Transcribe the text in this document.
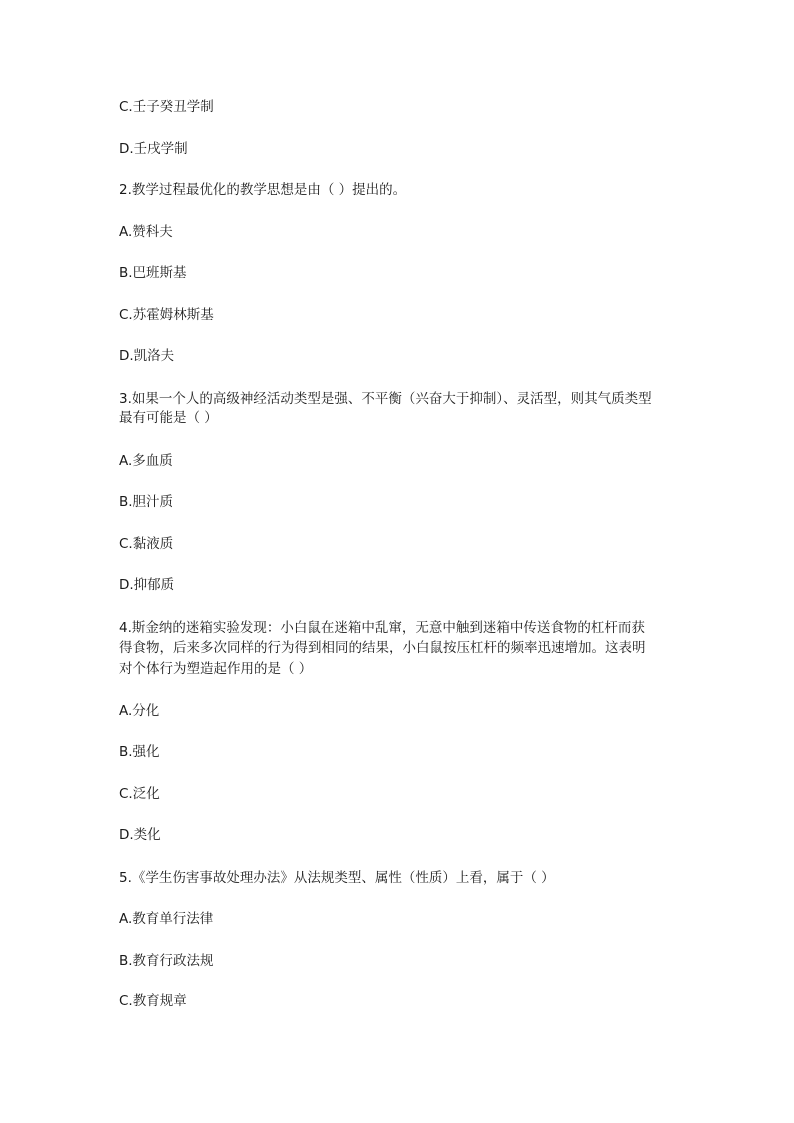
C.壬子癸丑学制
D.壬戌学制
2.教学过程最优化的教学思想是由（ ）提出的。
A.赞科夫
B.巴班斯基
C.苏霍姆林斯基
D.凯洛夫
3.如果一个人的高级神经活动类型是强、不平衡（兴奋大于抑制）、灵活型，则其气质类型
最有可能是（ ）
A.多血质
B.胆汁质
C.黏液质
D.抑郁质
4.斯金纳的迷箱实验发现：小白鼠在迷箱中乱窜，无意中触到迷箱中传送食物的杠杆而获
得食物，后来多次同样的行为得到相同的结果，小白鼠按压杠杆的频率迅速增加。这表明
对个体行为塑造起作用的是（ ）
A.分化
B.强化
C.泛化
D.类化
5.《学生伤害事故处理办法》从法规类型、属性（性质）上看，属于（ ）
A.教育单行法律
B.教育行政法规
C.教育规章
